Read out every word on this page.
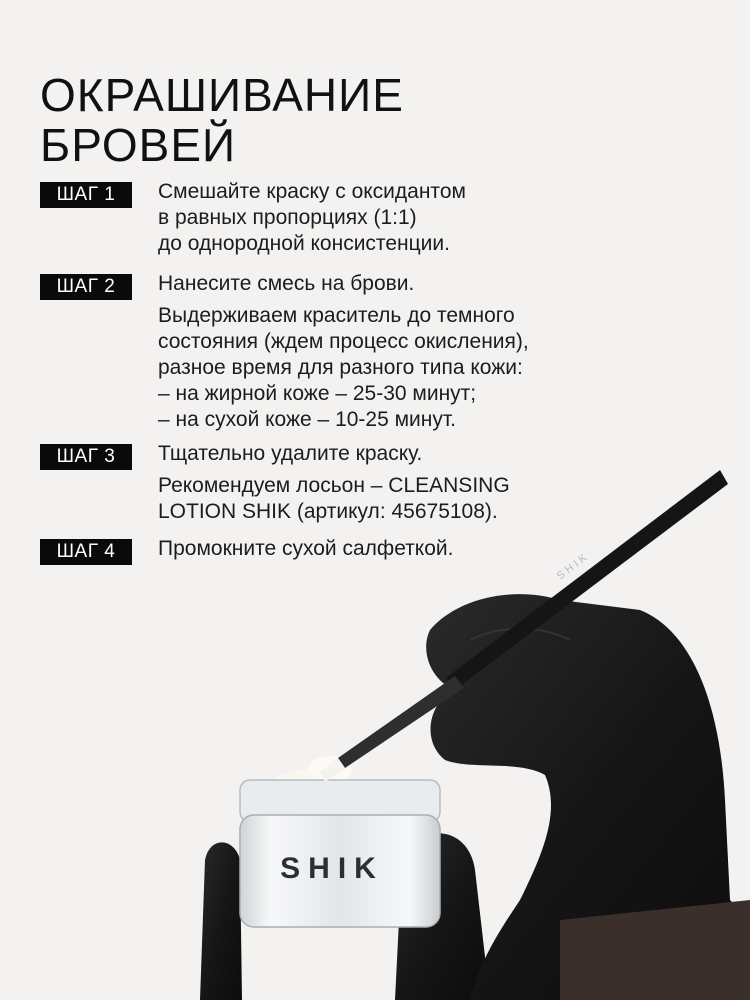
SHIK
SHIK
ОКРАШИВАНИЕ
БРОВЕЙ
ШАГ 1	Смешайте краску с оксидантом
в равных пропорциях (1:1)
до однородной консистенции.
ШАГ 2	Нанесите смесь на брови.
Выдерживаем краситель до темного
состояния (ждем процесс окисления),
разное время для разного типа кожи:
– на жирной коже – 25-30 минут;
– на сухой коже – 10-25 минут.
ШАГ 3	Тщательно удалите краску.
Рекомендуем лосьон – CLEANSING
LOTION SHIK (артикул: 45675108).
ШАГ 4	Промокните сухой салфеткой.
